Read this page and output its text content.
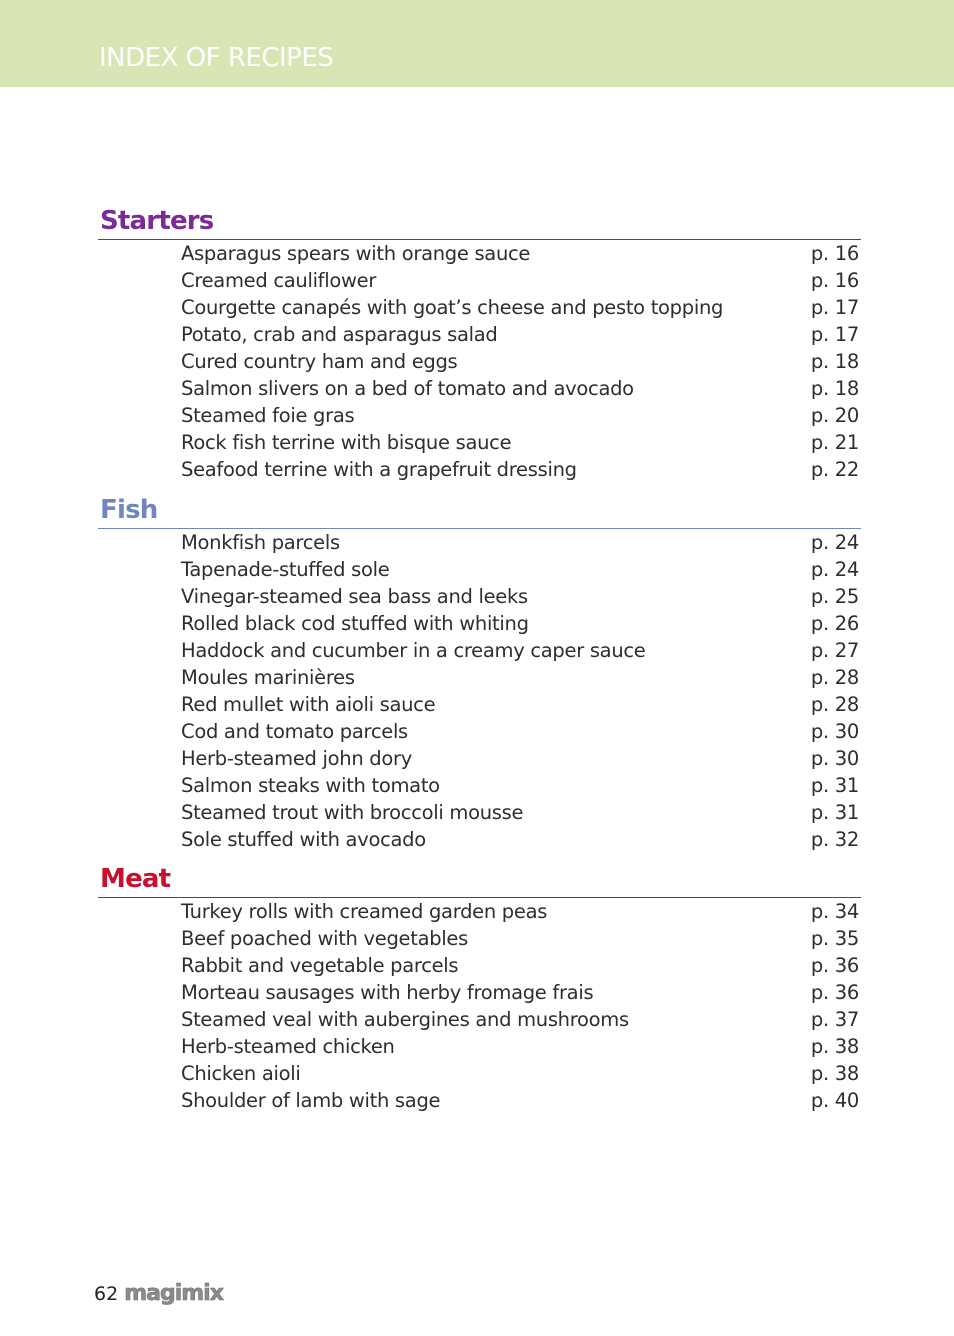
INDEX OF RECIPES
Starters
Asparagus spears with orange sauce	p. 16
Creamed cauliflower	p. 16
Courgette canapés with goat’s cheese and pesto topping	p. 17
Potato, crab and asparagus salad	p. 17
Cured country ham and eggs	p. 18
Salmon slivers on a bed of tomato and avocado	p. 18
Steamed foie gras	p. 20
Rock fish terrine with bisque sauce	p. 21
Seafood terrine with a grapefruit dressing	p. 22
Fish
Monkfish parcels	p. 24
Tapenade-stuffed sole	p. 24
Vinegar-steamed sea bass and leeks	p. 25
Rolled black cod stuffed with whiting	p. 26
Haddock and cucumber in a creamy caper sauce	p. 27
Moules marinières	p. 28
Red mullet with aioli sauce	p. 28
Cod and tomato parcels	p. 30
Herb-steamed john dory	p. 30
Salmon steaks with tomato	p. 31
Steamed trout with broccoli mousse	p. 31
Sole stuffed with avocado	p. 32
Meat
Turkey rolls with creamed garden peas	p. 34
Beef poached with vegetables	p. 35
Rabbit and vegetable parcels	p. 36
Morteau sausages with herby fromage frais	p. 36
Steamed veal with aubergines and mushrooms	p. 37
Herb-steamed chicken	p. 38
Chicken aioli	p. 38
Shoulder of lamb with sage	p. 40
62 magimix
